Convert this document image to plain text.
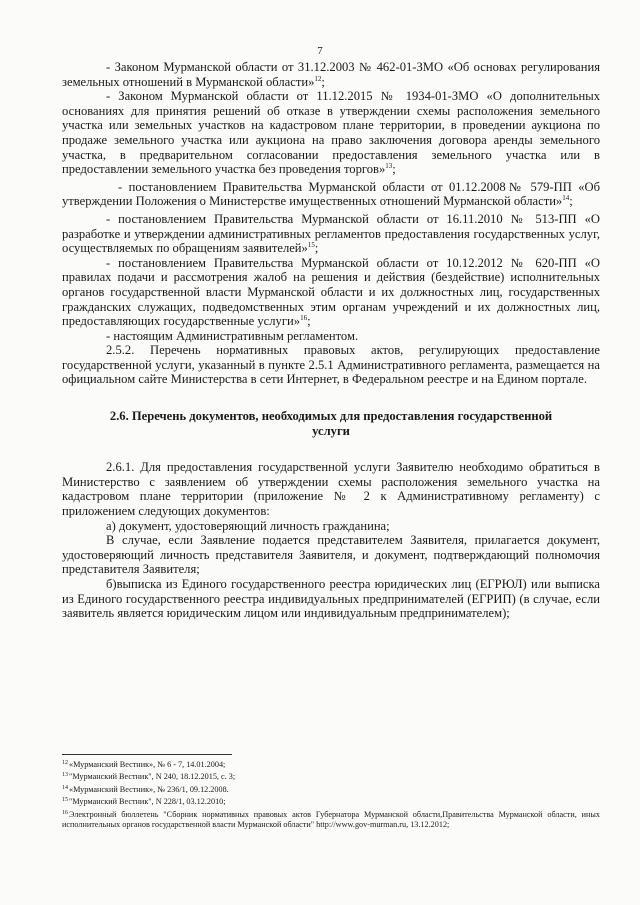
7

- Законом Мурманской области от 31.12.2003 № 462-01-ЗМО «Об основах регулирования земельных отношений в Мурманской области»$^{12}$;

- Законом Мурманской области от 11.12.2015 № 1934-01-ЗМО «О дополнительных основаниях для принятия решений об отказе в утверждении схемы расположения земельного участка или земельных участков на кадастровом плане территории, в проведении аукциона по продаже земельного участка или аукциона на право заключения договора аренды земельного участка, в предварительном согласовании предоставления земельного участка или в предоставлении земельного участка без проведения торгов»$^{13}$;

- постановлением Правительства Мурманской области от 01.12.2008№ 579-ПП «Об утверждении Положения о Министерстве имущественных отношений Мурманской области»$^{14}$;

- постановлением Правительства Мурманской области от 16.11.2010 № 513-ПП «О разработке и утверждении административных регламентов предоставления государственных услуг, осуществляемых по обращениям заявителей»$^{15}$;

- постановлением Правительства Мурманской области от 10.12.2012 № 620-ПП «О правилах подачи и рассмотрения жалоб на решения и действия (бездействие) исполнительных органов государственной власти Мурманской области и их должностных лиц, государственных гражданских служащих, подведомственных этим органам учреждений и их должностных лиц, предоставляющих государственные услуги»$^{16}$;

- настоящим Административным регламентом.

2.5.2. Перечень нормативных правовых актов, регулирующих предоставление государственной услуги, указанный в пункте 2.5.1 Административного регламента, размещается на официальном сайте Министерства в сети Интернет, в Федеральном реестре и на Едином портале.

2.6. Перечень документов, необходимых для предоставления государственной услуги

2.6.1. Для предоставления государственной услуги Заявителю необходимо обратиться в Министерство с заявлением об утверждении схемы расположения земельного участка на кадастровом плане территории (приложение № 2 к Административному регламенту) с приложением следующих документов:

а) документ, удостоверяющий личность гражданина;

В случае, если Заявление подается представителем Заявителя, прилагается документ, удостоверяющий личность представителя Заявителя, и документ, подтверждающий полномочия представителя Заявителя;

б)выписка из Единого государственного реестра юридических лиц (ЕГРЮЛ) или выписка из Единого государственного реестра индивидуальных предпринимателей (ЕГРИП) (в случае, если заявитель является юридическим лицом или индивидуальным предпринимателем);

$^{12}$«Мурманский Вестник», № 6 - 7, 14.01.2004;

$^{13}$"Мурманский Вестник", N 240, 18.12.2015, с. 3;

$^{14}$«Мурманский Вестник», № 236/1, 09.12.2008.

$^{15}$"Мурманский Вестник", N 228/1, 03.12.2010;

$^{16}$Электронный бюллетень "Сборник нормативных правовых актов Губернатора Мурманской области,Правительства Мурманской области, иных исполнительных органов государственной власти Мурманской области" http://www.gov-murman.ru, 13.12.2012;
